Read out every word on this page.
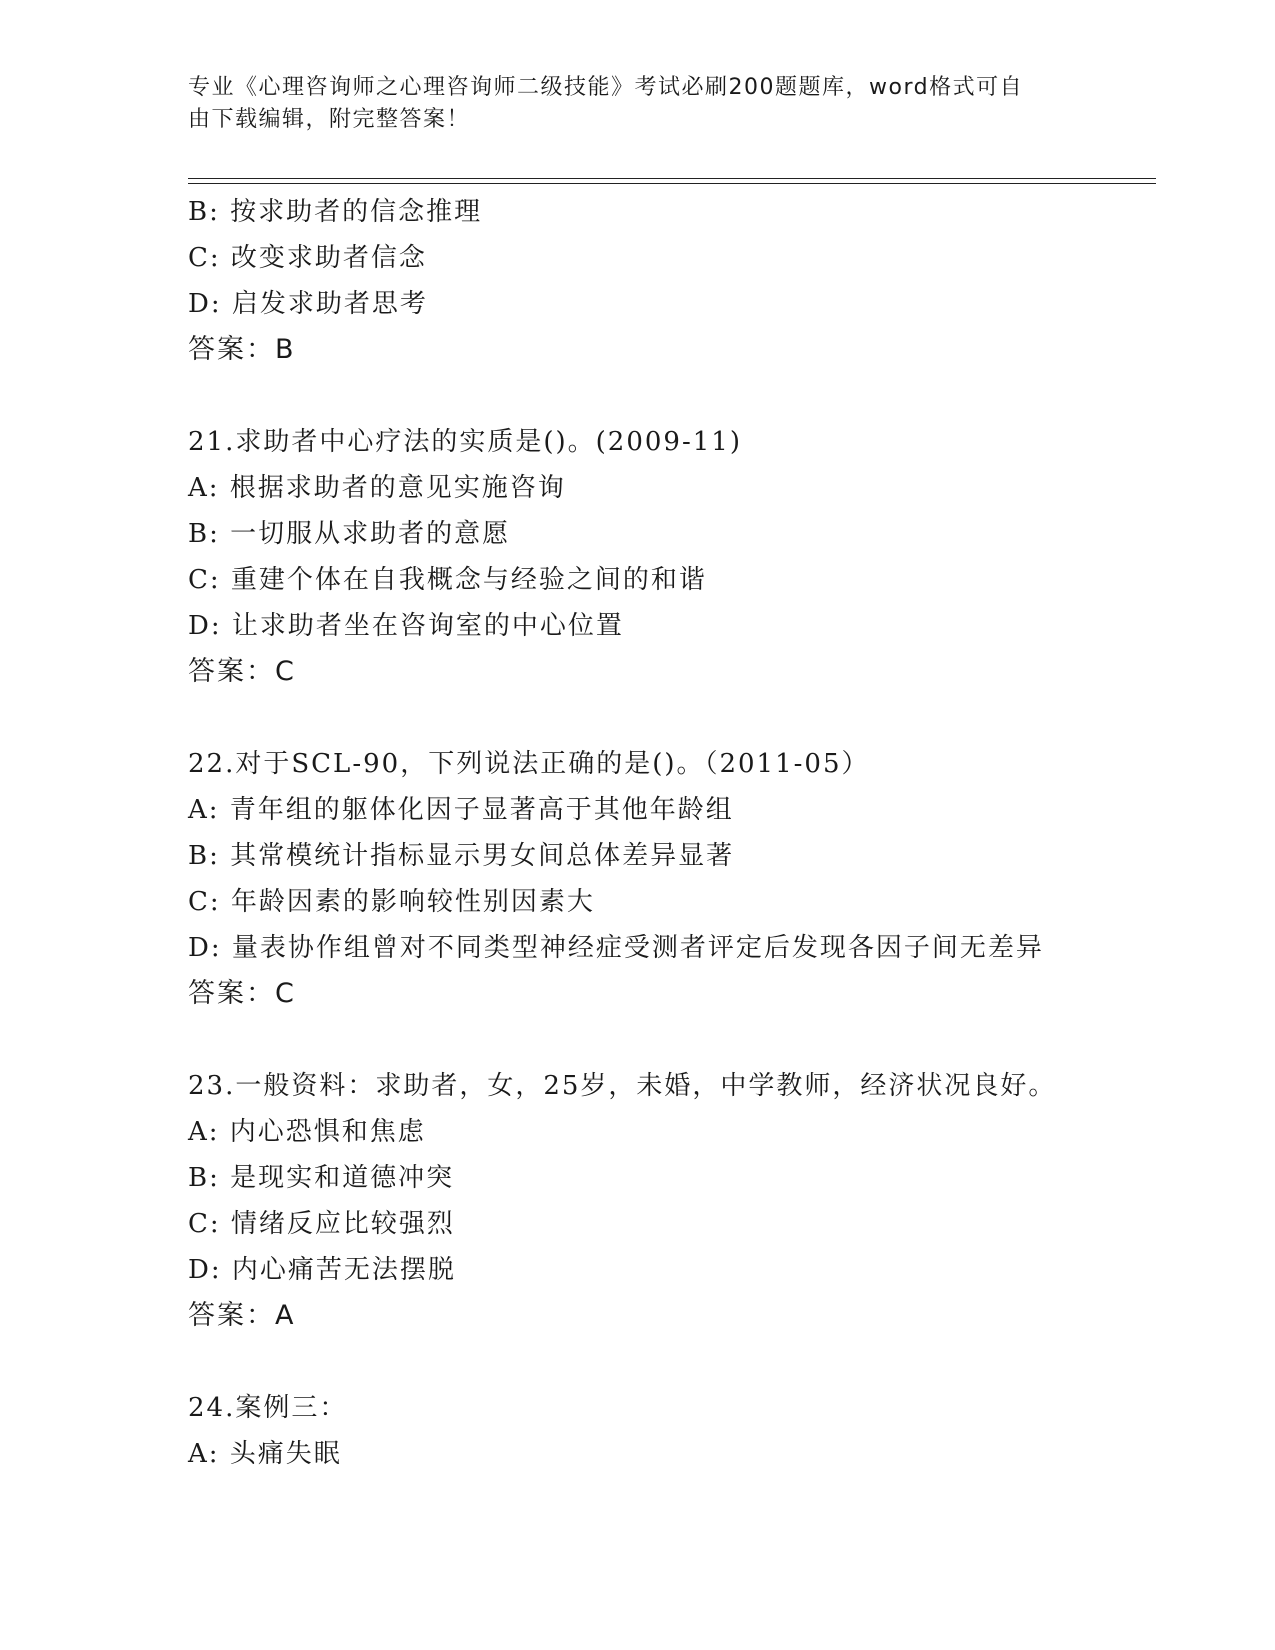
专业《心理咨询师之心理咨询师二级技能》考试必刷200题题库，word格式可自
由下载编辑，附完整答案！
B: 按求助者的信念推理
C: 改变求助者信念
D: 启发求助者思考
答案：B
21.求助者中心疗法的实质是()。(2009-11)
A: 根据求助者的意见实施咨询
B: 一切服从求助者的意愿
C: 重建个体在自我概念与经验之间的和谐
D: 让求助者坐在咨询室的中心位置
答案：C
22.对于SCL-90，下列说法正确的是()。（2011-05）
A: 青年组的躯体化因子显著高于其他年龄组
B: 其常模统计指标显示男女间总体差异显著
C: 年龄因素的影响较性别因素大
D: 量表协作组曾对不同类型神经症受测者评定后发现各因子间无差异
答案：C
23.一般资料：求助者，女，25岁，未婚，中学教师，经济状况良好。
A: 内心恐惧和焦虑
B: 是现实和道德冲突
C: 情绪反应比较强烈
D: 内心痛苦无法摆脱
答案：A
24.案例三：
A: 头痛失眠
